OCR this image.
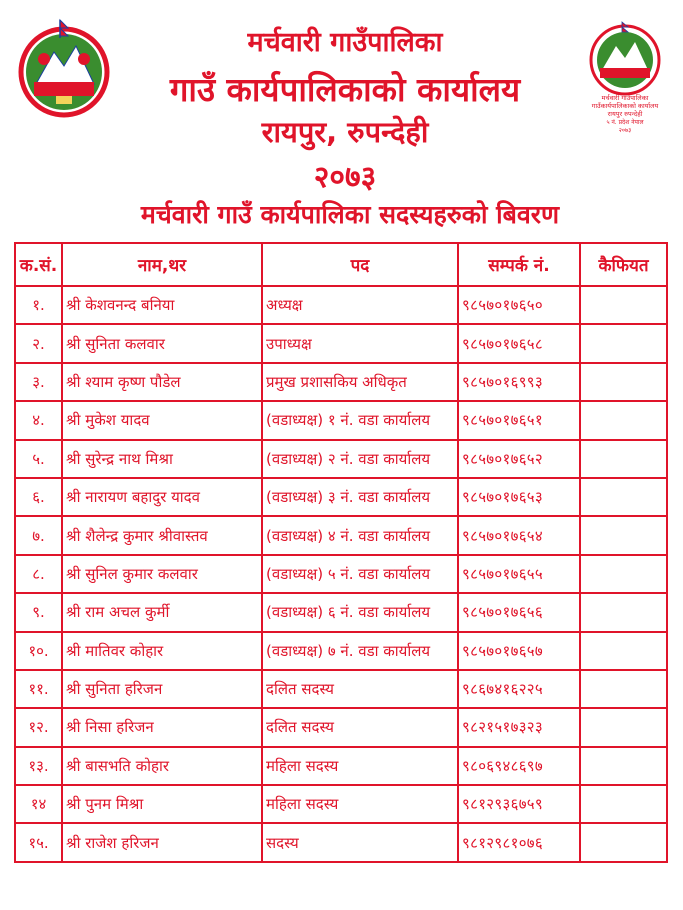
मर्चवारी गाउँपालिका
गाउँकार्यपालिकाको कार्यालय
रायपुर रुपन्देही
५ नं. प्रदेश नेपाल
२०७३
मर्चवारी गाउँपालिका
गाउँ कार्यपालिकाको कार्यालय
रायपुर, रुपन्देही
२०७३
मर्चवारी गाउँ कार्यपालिका सदस्यहरुको बिवरण
क.सं.	नाम,थर	पद	सम्पर्क नं.	कैफियत
१.	श्री केशवनन्द बनिया	अध्यक्ष	९८५७०१७६५०	
२.	श्री सुनिता कलवार	उपाध्यक्ष	९८५७०१७६५८	
३.	श्री श्याम कृष्ण पौडेल	प्रमुख प्रशासकिय अधिकृत	९८५७०१६९९३	
४.	श्री मुकेश यादव	(वडाध्यक्ष) १ नं. वडा कार्यालय	९८५७०१७६५१	
५.	श्री सुरेन्द्र नाथ मिश्रा	(वडाध्यक्ष) २ नं. वडा कार्यालय	९८५७०१७६५२	
६.	श्री नारायण बहादुर यादव	(वडाध्यक्ष) ३ नं. वडा कार्यालय	९८५७०१७६५३	
७.	श्री शैलेन्द्र कुमार श्रीवास्तव	(वडाध्यक्ष) ४ नं. वडा कार्यालय	९८५७०१७६५४	
८.	श्री सुनिल कुमार कलवार	(वडाध्यक्ष) ५ नं. वडा कार्यालय	९८५७०१७६५५	
९.	श्री राम अचल कुर्मी	(वडाध्यक्ष) ६ नं. वडा कार्यालय	९८५७०१७६५६	
१०.	श्री मातिवर कोहार	(वडाध्यक्ष) ७ नं. वडा कार्यालय	९८५७०१७६५७	
११.	श्री सुनिता हरिजन	दलित सदस्य	९८६७४१६२२५	
१२.	श्री निसा हरिजन	दलित सदस्य	९८२१५१७३२३	
१३.	श्री बासभति कोहार	महिला सदस्य	९८०६९४८६९७	
१४	श्री पुनम मिश्रा	महिला सदस्य	९८१२९३६७५९	
१५.	श्री राजेश हरिजन	सदस्य	९८१२९८१०७६	
